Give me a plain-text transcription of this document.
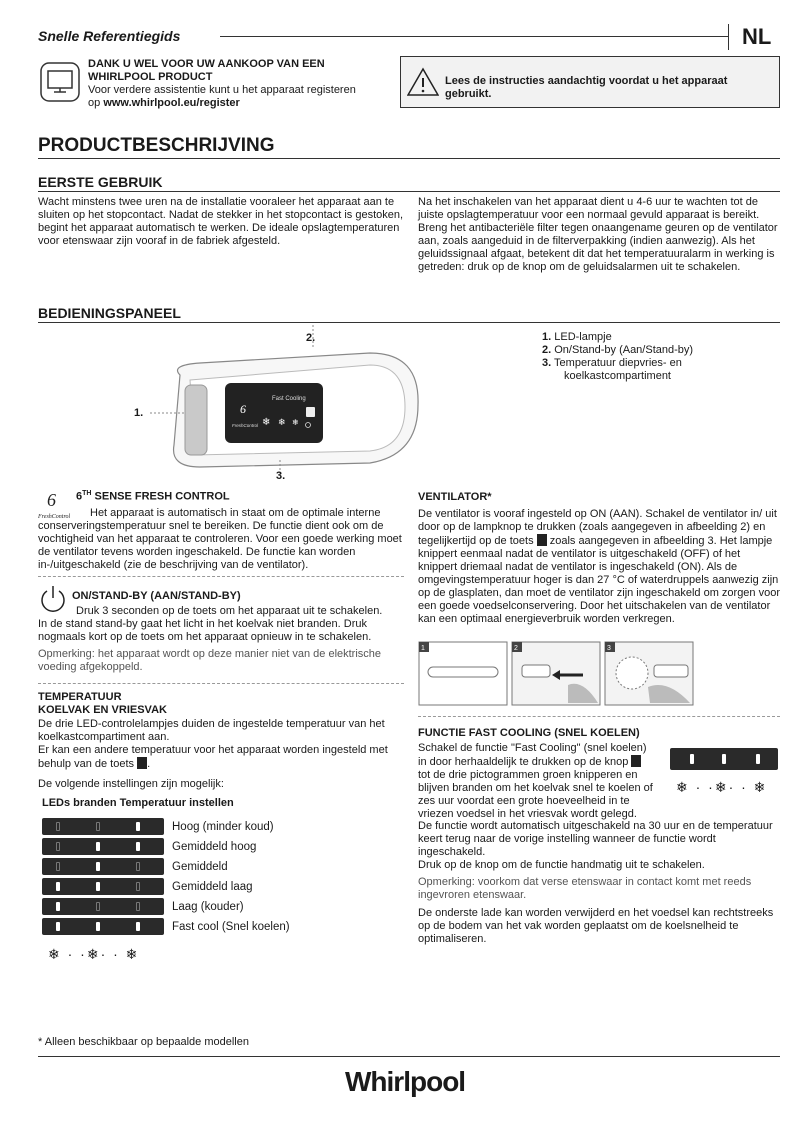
Snelle Referentiegids	NL
DANK U WEL VOOR UW AANKOOP VAN EEN
WHIRLPOOL PRODUCT
Voor verdere assistentie kunt u het apparaat registeren
op www.whirlpool.eu/register
Lees de instructies aandachtig voordat u het apparaat gebruikt.
PRODUCTBESCHRIJVING
EERSTE GEBRUIK
Wacht minstens twee uren na de installatie vooraleer het apparaat aan te sluiten op het stopcontact. Nadat de stekker in het stopcontact is gestoken, begint het apparaat automatisch te werken. De ideale opslagtemperaturen voor etenswaar zijn vooraf in de fabriek afgesteld.
Na het inschakelen van het apparaat dient u 4-6 uur te wachten tot de juiste opslagtemperatuur voor een normaal gevuld apparaat is bereikt. Breng het antibacteriële filter tegen onaangename geuren op de ventilator aan, zoals aangeduid in de filterverpakking (indien aanwezig). Als het geluidssignaal afgaat, betekent dit dat het temperatuuralarm in werking is getreden: druk op de knop om de geluidsalarmen uit te schakelen.
BEDIENINGSPANEEL
Fast Cooling
6
FreshControl ❄ ❄ ❄
2.
1.
3.
1. LED-lampje
2. On/Stand-by (Aan/Stand-by)
3. Temperatuur diepvries- en koelkastcompartiment
6
FreshControl
6TH SENSE FRESH CONTROL
Het apparaat is automatisch in staat om de optimale interne conserveringstemperatuur snel te bereiken. De functie dient ook om de vochtigheid van het apparaat te controleren. Voor een goede werking moet de ventilator tevens worden ingeschakeld. De functie kan worden in-/uitgeschakeld (zie de beschrijving van de ventilator).
ON/STAND-BY (AAN/STAND-BY)
Druk 3 seconden op de toets om het apparaat uit te schakelen.
In de stand stand-by gaat het licht in het koelvak niet branden. Druk nogmaals kort op de toets om het apparaat opnieuw in te schakelen.
Opmerking: het apparaat wordt op deze manier niet van de elektrische voeding afgekoppeld.
TEMPERATUUR
KOELVAK EN VRIESVAK
De drie LED-controlelampjes duiden de ingestelde temperatuur van het koelkastcompartiment aan.
Er kan een andere temperatuur voor het apparaat worden ingesteld met behulp van de toets .
De volgende instellingen zijn mogelijk:
LEDs branden Temperatuur instellen
Hoog (minder koud)
Gemiddeld hoog
Gemiddeld
Gemiddeld laag
Laag (kouder)
Fast cool (Snel koelen)
❄ · ·❄· · ❄
VENTILATOR*
De ventilator is vooraf ingesteld op ON (AAN). Schakel de ventilator in/ uit door op de lampknop te drukken (zoals aangegeven in afbeelding 2) en tegelijkertijd op de toets zoals aangegeven in afbeelding 3. Het lampje knippert eenmaal nadat de ventilator is uitgeschakeld (OFF) of het knippert driemaal nadat de ventilator is ingeschakeld (ON). Als de omgevingstemperatuur hoger is dan 27 °C of waterdruppels aanwezig zijn op de glasplaten, dan moet de ventilator zijn ingeschakeld om zorgen voor een goede voedselconservering. Door het uitschakelen van de ventilator kan een optimaal energieverbruik worden verkregen.
1	2	3
FUNCTIE FAST COOLING (SNEL KOELEN)
Schakel de functie "Fast Cooling" (snel koelen) in door herhaaldelijk te drukken op de knop  tot de drie pictogrammen groen knipperen en blijven branden om het koelvak snel te koelen of zes uur voordat een grote hoeveelheid in te vriezen voedsel in het vriesvak wordt gelegd.
❄ · ·❄· · ❄
De functie wordt automatisch uitgeschakeld na 30 uur en de temperatuur keert terug naar de vorige instelling wanneer de functie wordt ingeschakeld.
Druk op de knop om de functie handmatig uit te schakelen.
Opmerking: voorkom dat verse etenswaar in contact komt met reeds ingevroren etenswaar.
De onderste lade kan worden verwijderd en het voedsel kan rechtstreeks op de bodem van het vak worden geplaatst om de koelsnelheid te optimaliseren.
* Alleen beschikbaar op bepaalde modellen
Whirlpool
